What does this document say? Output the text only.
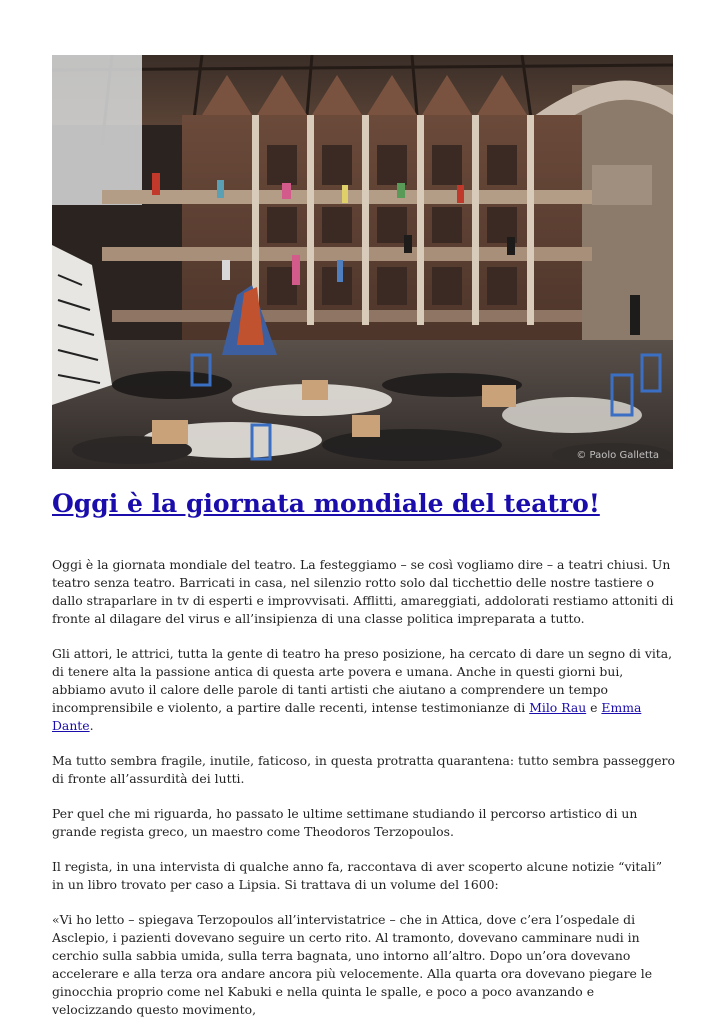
© Paolo Galletta
Oggi è la giornata mondiale del teatro!

Oggi è la giornata mondiale del teatro. La festeggiamo – se così vogliamo dire – a teatri chiusi. Un teatro senza teatro. Barricati in casa, nel silenzio rotto solo dal ticchettio delle nostre tastiere o dallo straparlare in tv di esperti e improvvisati. Afflitti, amareggiati, addolorati restiamo attoniti di fronte al dilagare del virus e all’insipienza di una classe politica impreparata a tutto.

Gli attori, le attrici, tutta la gente di teatro ha preso posizione, ha cercato di dare un segno di vita, di tenere alta la passione antica di questa arte povera e umana. Anche in questi giorni bui, abbiamo avuto il calore delle parole di tanti artisti che aiutano a comprendere un tempo incomprensibile e violento, a partire dalle recenti, intense testimonianze di Milo Rau e Emma Dante.

Ma tutto sembra fragile, inutile, faticoso, in questa protratta quarantena: tutto sembra passeggero di fronte all’assurdità dei lutti.

Per quel che mi riguarda, ho passato le ultime settimane studiando il percorso artistico di un grande regista greco, un maestro come Theodoros Terzopoulos.

Il regista, in una intervista di qualche anno fa, raccontava di aver scoperto alcune notizie “vitali” in un libro trovato per caso a Lipsia. Si trattava di un volume del 1600:

«Vi ho letto – spiegava Terzopoulos all’intervistatrice – che in Attica, dove c’era l’ospedale di Asclepio, i pazienti dovevano seguire un certo rito. Al tramonto, dovevano camminare nudi in cerchio sulla sabbia umida, sulla terra bagnata, uno intorno all’altro. Dopo un’ora dovevano accelerare e alla terza ora andare ancora più velocemente. Alla quarta ora dovevano piegare le ginocchia proprio come nel Kabuki e nella quinta le spalle, e poco a poco avanzando e velocizzando questo movimento,
